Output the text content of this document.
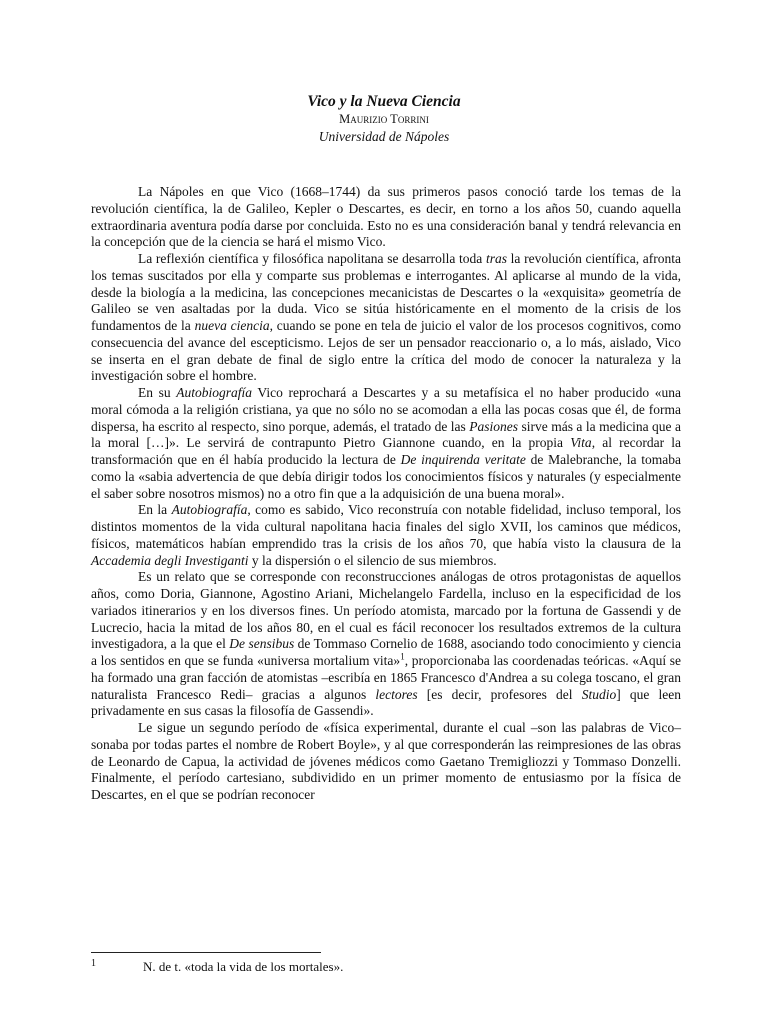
Vico y la Nueva Ciencia
Maurizio Torrini
Universidad de Nápoles

La Nápoles en que Vico (1668–1744) da sus primeros pasos conoció tarde los temas de la revolución científica, la de Galileo, Kepler o Descartes, es decir, en torno a los años 50, cuando aquella extraordinaria aventura podía darse por concluida. Esto no es una consideración banal y tendrá relevancia en la concepción que de la ciencia se hará el mismo Vico.

La reflexión científica y filosófica napolitana se desarrolla toda tras la revolución científica, afronta los temas suscitados por ella y comparte sus problemas e interrogantes. Al aplicarse al mundo de la vida, desde la biología a la medicina, las concepciones mecanicistas de Descartes o la «exquisita» geometría de Galileo se ven asaltadas por la duda. Vico se sitúa históricamente en el momento de la crisis de los fundamentos de la nueva ciencia, cuando se pone en tela de juicio el valor de los procesos cognitivos, como consecuencia del avance del escepticismo. Lejos de ser un pensador reaccionario o, a lo más, aislado, Vico se inserta en el gran debate de final de siglo entre la crítica del modo de conocer la naturaleza y la investigación sobre el hombre.

En su Autobiografía Vico reprochará a Descartes y a su metafísica el no haber producido «una moral cómoda a la religión cristiana, ya que no sólo no se acomodan a ella las pocas cosas que él, de forma dispersa, ha escrito al respecto, sino porque, además, el tratado de las Pasiones sirve más a la medicina que a la moral […]». Le servirá de contrapunto Pietro Giannone cuando, en la propia Vita, al recordar la transformación que en él había producido la lectura de De inquirenda veritate de Malebranche, la tomaba como la «sabia advertencia de que debía dirigir todos los conocimientos físicos y naturales (y especialmente el saber sobre nosotros mismos) no a otro fin que a la adquisición de una buena moral».

En la Autobiografía, como es sabido, Vico reconstruía con notable fidelidad, incluso temporal, los distintos momentos de la vida cultural napolitana hacia finales del siglo XVII, los caminos que médicos, físicos, matemáticos habían emprendido tras la crisis de los años 70, que había visto la clausura de la Accademia degli Investiganti y la dispersión o el silencio de sus miembros.

Es un relato que se corresponde con reconstrucciones análogas de otros protagonistas de aquellos años, como Doria, Giannone, Agostino Ariani, Michelangelo Fardella, incluso en la especificidad de los variados itinerarios y en los diversos fines. Un período atomista, marcado por la fortuna de Gassendi y de Lucrecio, hacia la mitad de los años 80, en el cual es fácil reconocer los resultados extremos de la cultura investigadora, a la que el De sensibus de Tommaso Cornelio de 1688, asociando todo conocimiento y ciencia a los sentidos en que se funda «universa mortalium vita»$^1$, proporcionaba las coordenadas teóricas. «Aquí se ha formado una gran facción de atomistas –escribía en 1865 Francesco d'Andrea a su colega toscano, el gran naturalista Francesco Redi– gracias a algunos lectores [es decir, profesores del Studio] que leen privadamente en sus casas la filosofía de Gassendi».

Le sigue un segundo período de «física experimental, durante el cual –son las palabras de Vico– sonaba por todas partes el nombre de Robert Boyle», y al que corresponderán las reimpresiones de las obras de Leonardo de Capua, la actividad de jóvenes médicos como Gaetano Tremigliozzi y Tommaso Donzelli. Finalmente, el período cartesiano, subdividido en un primer momento de entusiasmo por la física de Descartes, en el que se podrían reconocer

1	N. de t. «toda la vida de los mortales».
